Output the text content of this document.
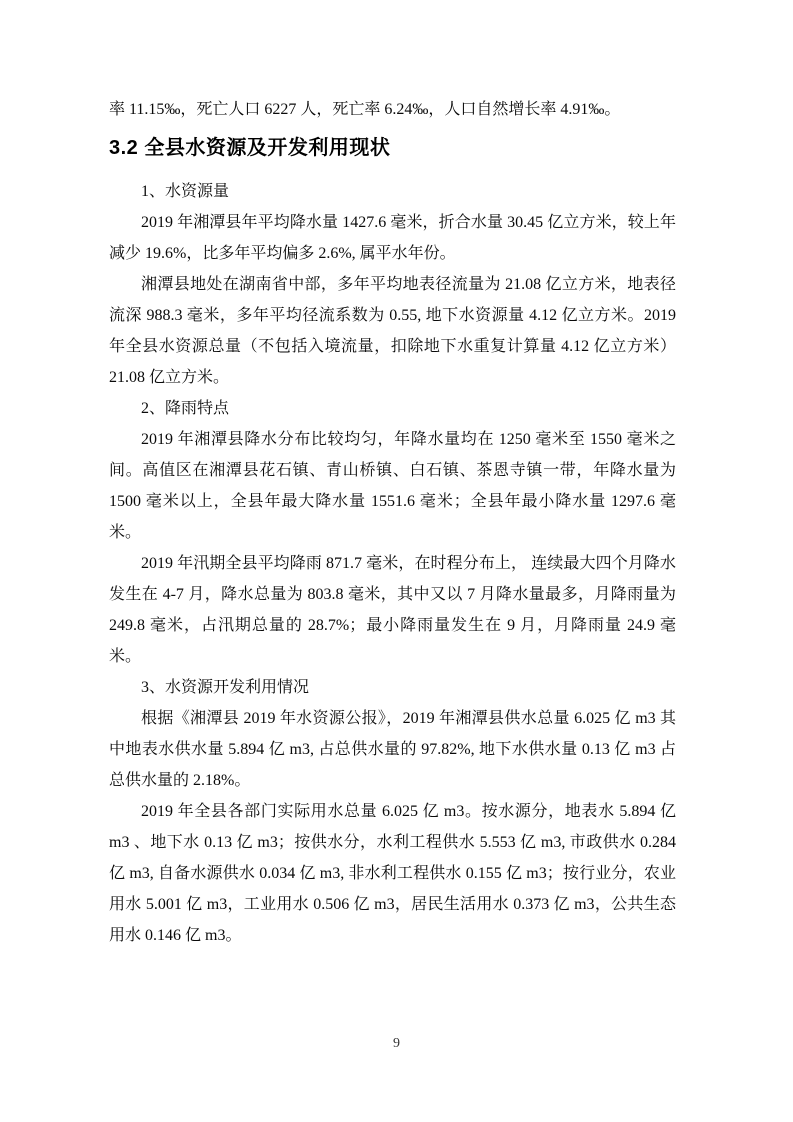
率 11.15‰，死亡人口 6227 人，死亡率 6.24‰，人口自然增长率 4.91‰。

3.2 全县水资源及开发利用现状

1、水资源量

2019 年湘潭县年平均降水量 1427.6 毫米，折合水量 30.45 亿立方米，较上年减少 19.6%，比多年平均偏多 2.6%, 属平水年份。

湘潭县地处在湖南省中部，多年平均地表径流量为 21.08 亿立方米，地表径流深 988.3 毫米，多年平均径流系数为 0.55, 地下水资源量 4.12 亿立方米。2019 年全县水资源总量（不包括入境流量，扣除地下水重复计算量 4.12 亿立方米）21.08 亿立方米。

2、降雨特点

2019 年湘潭县降水分布比较均匀，年降水量均在 1250 毫米至 1550 毫米之间。高值区在湘潭县花石镇、青山桥镇、白石镇、茶恩寺镇一带，年降水量为 1500 毫米以上，全县年最大降水量 1551.6 毫米；全县年最小降水量 1297.6 毫米。

2019 年汛期全县平均降雨 871.7 毫米，在时程分布上， 连续最大四个月降水发生在 4-7 月，降水总量为 803.8 毫米，其中又以 7 月降水量最多，月降雨量为 249.8 毫米，占汛期总量的 28.7%；最小降雨量发生在 9 月，月降雨量 24.9 毫米。

3、水资源开发利用情况

根据《湘潭县 2019 年水资源公报》，2019 年湘潭县供水总量 6.025 亿 m3 其中地表水供水量 5.894 亿 m3, 占总供水量的 97.82%, 地下水供水量 0.13 亿 m3 占总供水量的 2.18%。

2019 年全县各部门实际用水总量 6.025 亿 m3。按水源分，地表水 5.894 亿 m3 、地下水 0.13 亿 m3；按供水分，水利工程供水 5.553 亿 m3, 市政供水 0.284 亿 m3, 自备水源供水 0.034 亿 m3, 非水利工程供水 0.155 亿 m3；按行业分，农业用水 5.001 亿 m3，工业用水 0.506 亿 m3，居民生活用水 0.373 亿 m3，公共生态用水 0.146 亿 m3。

9
